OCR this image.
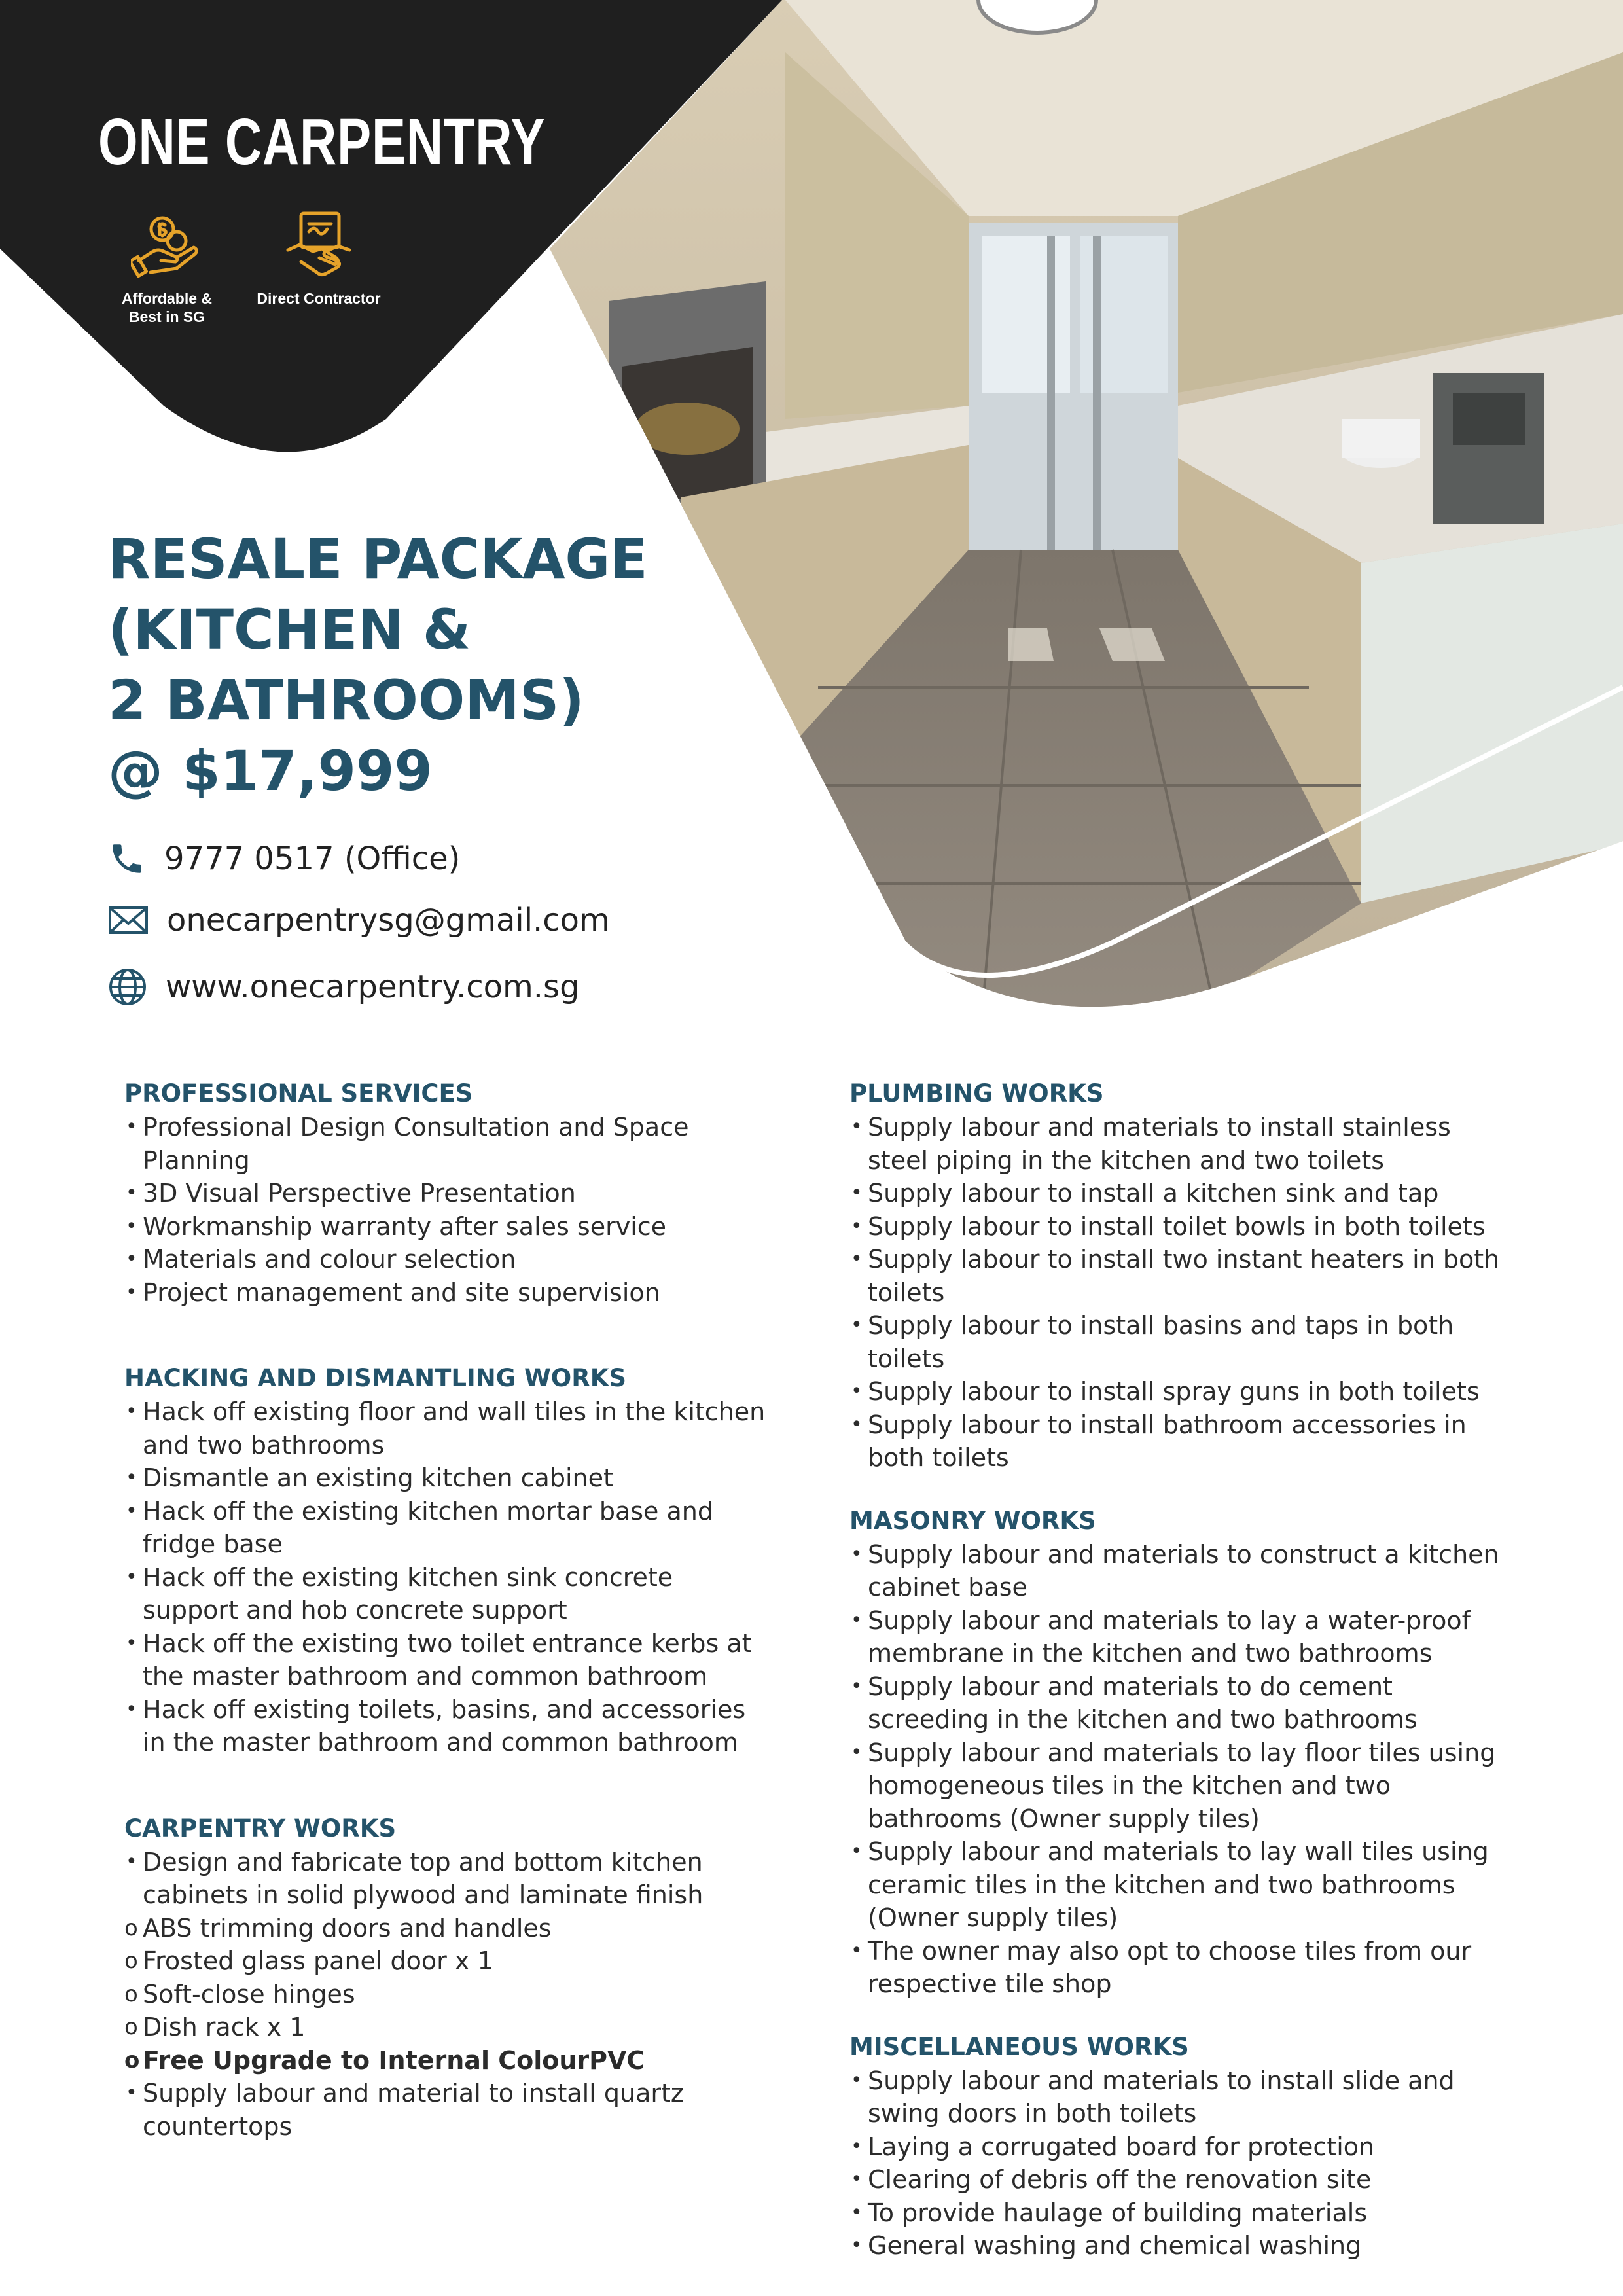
ONE CARPENTRY
Affordable &
Best in SG
Direct Contractor
RESALE PACKAGE
(KITCHEN &
2 BATHROOMS)
@ $17,999
9777 0517 (Office)
onecarpentrysg@gmail.com
www.onecarpentry.com.sg
PROFESSIONAL SERVICES
• Professional Design Consultation and Space Planning
• 3D Visual Perspective Presentation
• Workmanship warranty after sales service
• Materials and colour selection
• Project management and site supervision
HACKING AND DISMANTLING WORKS
• Hack off existing floor and wall tiles in the kitchen and two bathrooms
• Dismantle an existing kitchen cabinet
• Hack off the existing kitchen mortar base and fridge base
• Hack off the existing kitchen sink concrete support and hob concrete support
• Hack off the existing two toilet entrance kerbs at the master bathroom and common bathroom
• Hack off existing toilets, basins, and accessories in the master bathroom and common bathroom
CARPENTRY WORKS
• Design and fabricate top and bottom kitchen cabinets in solid plywood and laminate finish
o ABS trimming doors and handles
o Frosted glass panel door x 1
o Soft-close hinges
o Dish rack x 1
o Free Upgrade to Internal ColourPVC
• Supply labour and material to install quartz countertops
PLUMBING WORKS
• Supply labour and materials to install stainless steel piping in the kitchen and two toilets
• Supply labour to install a kitchen sink and tap
• Supply labour to install toilet bowls in both toilets
• Supply labour to install two instant heaters in both toilets
• Supply labour to install basins and taps in both toilets
• Supply labour to install spray guns in both toilets
• Supply labour to install bathroom accessories in both toilets
MASONRY WORKS
• Supply labour and materials to construct a kitchen cabinet base
• Supply labour and materials to lay a water-proof membrane in the kitchen and two bathrooms
• Supply labour and materials to do cement screeding in the kitchen and two bathrooms
• Supply labour and materials to lay floor tiles using homogeneous tiles in the kitchen and two bathrooms (Owner supply tiles)
• Supply labour and materials to lay wall tiles using ceramic tiles in the kitchen and two bathrooms (Owner supply tiles)
• The owner may also opt to choose tiles from our respective tile shop
MISCELLANEOUS WORKS
• Supply labour and materials to install slide and swing doors in both toilets
• Laying a corrugated board for protection
• Clearing of debris off the renovation site
• To provide haulage of building materials
• General washing and chemical washing
